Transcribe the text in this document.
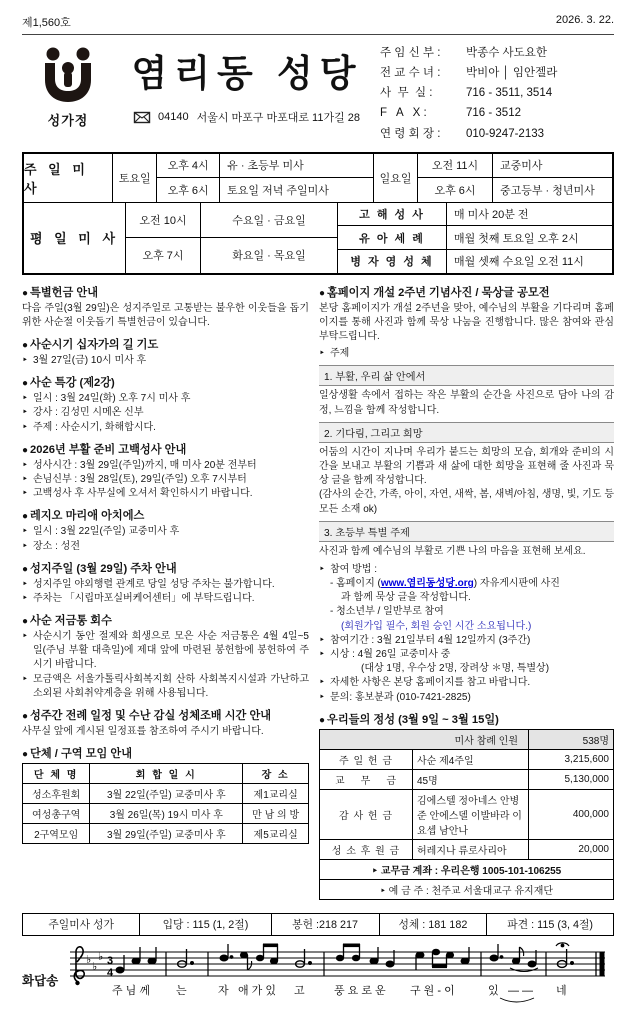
제1,560호	2026. 3. 22.
성가정
염리동 성당
04140 서울시 마포구 마포대로 11가길 28
주 임 신 부 :	박종수 사도요한
전 교 수 녀 :	박비아 │ 임안젤라
사  무  실 :	716 - 3511, 3514
F   A   X :	716 - 3512
연 령 회 장 :	010-9247-2133
주 일 미 사
토요일
오후 4시	유 · 초등부 미사
오후 6시	토요일 저녁 주일미사
일요일
오전 11시	교중미사
오후 6시	중고등부 · 청년미사
평 일 미 사
오전 10시	수요일 · 금요일
오후 7시	화요일 · 목요일
고 해 성 사	매 미사 20분 전
유 아 세 례	매월 첫째 토요일 오후 2시
병 자 영 성 체	매월 셋째 수요일 오전 11시
● 특별헌금 안내
다음 주일(3월 29일)은 성지주일로 고통받는 불우한 이웃들을 돕기 위한 사순절 이웃돕기 특별헌금이 있습니다.
● 사순시기 십자가의 길 기도
‣ 3월 27일(금) 10시 미사 후
● 사순 특강 (제2강)
‣ 일시 : 3월 24일(화) 오후 7시 미사 후
‣ 강사 : 김성민 시메온 신부
‣ 주제 : 사순시기, 화해합시다.
● 2026년 부활 준비 고백성사 안내
‣ 성사시간 : 3월 29일(주일)까지, 매 미사 20분 전부터
‣ 손님신부 : 3월 28일(토), 29일(주일) 오후 7시부터
‣ 고백성사 후 사무실에 오셔서 확인하시기 바랍니다.
● 레지오 마리애 아치에스
‣ 일시 : 3월 22일(주일) 교중미사 후
‣ 장소 : 성전
● 성지주일 (3월 29일) 주차 안내
‣ 성지주일 야외행렬 관계로 당일 성당 주차는 불가합니다.
‣ 주차는 「시립마포실버케어센터」에 부탁드립니다.
● 사순 저금통 회수
‣ 사순시기 동안 절제와 희생으로 모은 사순 저금통은 4월 4일~5일(주님 부활 대축일)에 제대 앞에 마련된 봉헌함에 봉헌하여 주시기 바랍니다.
‣ 모금액은 서울가톨릭사회복지회 산하 사회복지시설과 가난하고 소외된 사회취약계층을 위해 사용됩니다.
● 성주간 전례 일정 및 수난 감실 성체조배 시간 안내
사무실 앞에 게시된 일정표를 참조하여 주시기 바랍니다.
● 단체 / 구역 모임 안내
단 체 명	회 합 일 시	장 소
성소후원회	3월 22일(주일) 교중미사 후	제1교리실
여성총구역	3월 26일(목) 19시 미사 후	만 남 의 방
2구역모임	3월 29일(주일) 교중미사 후	제5교리실
● 홈페이지 개설 2주년 기념사진 / 묵상글 공모전
본당 홈페이지가 개설 2주년을 맞아, 예수님의 부활을 기다리며 홈페이지를 통해 사진과 함께 묵상 나눔을 진행합니다. 많은 참여와 관심 부탁드립니다.
‣ 주제
1. 부활, 우리 삶 안에서
일상생활 속에서 접하는 작은 부활의 순간을 사진으로 담아 나의 감정, 느낌을 함께 작성합니다.
2. 기다림, 그리고 희망
어둠의 시간이 지나며 우리가 붙드는 희망의 모습, 회개와 준비의 시간을 보내고 부활의 기쁨과 새 삶에 대한 희망을 표현해 줄 사진과 묵상 글을 함께 작성합니다.
(감사의 순간, 가족, 아이, 자연, 새싹, 봄, 새벽/아침, 생명, 빛, 기도 등 모든 소재 ok)
3. 초등부 특별 주제
사진과 함께 예수님의 부활로 기쁜 나의 마음을 표현해 보세요.
‣ 참여 방법 :
- 홈페이지 (www.염리동성당.org) 자유게시판에 사진
과 함께 묵상 글을 작성합니다.
- 청소년부 / 일반부로 참여
(회원가입 필수, 회원 승인 시간 소요됩니다.)
‣ 참여기간 : 3월 21일부터 4월 12일까지 (3주간)
‣ 시상 : 4월 26일 교중미사 중
(대상 1명, 우수상 2명, 장려상 ＊명, 특별상)
‣ 자세한 사항은 본당 홈페이지를 참고 바랍니다.
‣ 문의: 홍보분과 (010-7421-2825)
● 우리들의 정성 (3월 9일 ~ 3월 15일)
미사 참례 인원		538명
주 일 헌 금	사순 제4주일	3,215,600
교    무    금	45명	5,130,000
감 사 헌 금	김에스텔 정아네스 안병준 안에스델 이발바라 이요셉 남안나	400,000
성 소 후 원 금	허레지나 류로사리아	20,000
‣ 교무금 계좌 : 우리은행 1005-101-106255		
‣ 예 금 주 : 천주교 서울대교구 유지재단		
주일미사 성가	입당 : 115 (1, 2절)	봉헌 :218 217	성체 : 181 182	파견 : 115 (3, 4절)
화답송
♭
♭
♭ 3
4
주 님 께 는	자 애 가 있 고	풍 요 로 운 구 원 - 이	있 — — 네
